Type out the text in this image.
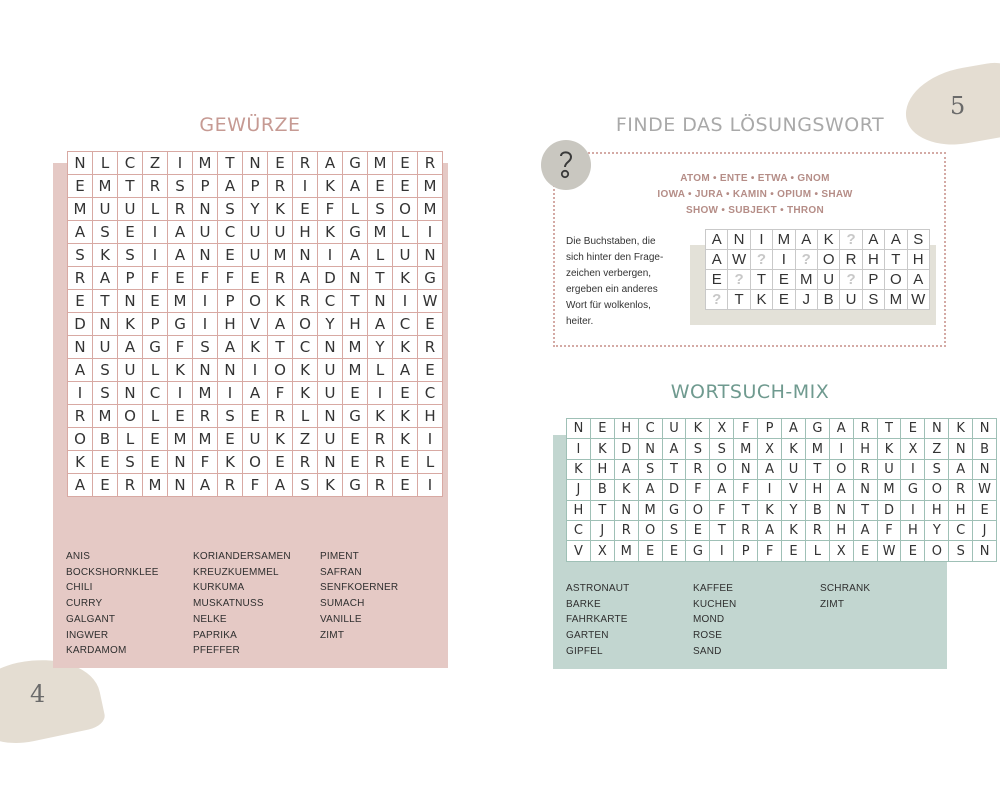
4
5
GEWÜRZE
N	L	C	Z	I	M	T	N	E	R	A	G	M	E	R
E	M	T	R	S	P	A	P	R	I	K	A	E	E	M
M	U	U	L	R	N	S	Y	K	E	F	L	S	O	M
A	S	E	I	A	U	C	U	U	H	K	G	M	L	I
S	K	S	I	A	N	E	U	M	N	I	A	L	U	N
R	A	P	F	E	F	F	E	R	A	D	N	T	K	G
E	T	N	E	M	I	P	O	K	R	C	T	N	I	W
D	N	K	P	G	I	H	V	A	O	Y	H	A	C	E
N	U	A	G	F	S	A	K	T	C	N	M	Y	K	R
A	S	U	L	K	N	N	I	O	K	U	M	L	A	E
I	S	N	C	I	M	I	A	F	K	U	E	I	E	C
R	M	O	L	E	R	S	E	R	L	N	G	K	K	H
O	B	L	E	M	M	E	U	K	Z	U	E	R	K	I
K	E	S	E	N	F	K	O	E	R	N	E	R	E	L
A	E	R	M	N	A	R	F	A	S	K	G	R	E	I
ANIS
BOCKSHORNKLEE
CHILI
CURRY
GALGANT
INGWER
KARDAMOM
KORIANDERSAMEN
KREUZKUEMMEL
KURKUMA
MUSKATNUSS
NELKE
PAPRIKA
PFEFFER
PIMENT
SAFRAN
SENFKOERNER
SUMACH
VANILLE
ZIMT
FINDE DAS LÖSUNGSWORT
ATOM • ENTE • ETWA • GNOM
IOWA • JURA • KAMIN • OPIUM • SHAW
SHOW • SUBJEKT • THRON
Die Buchstaben, die
sich hinter den Frage-
zeichen verbergen,
ergeben ein anderes
Wort für wolkenlos,
heiter.
A	N	I	M	A	K	?	A	A	S
A	W	?	I	?	O	R	H	T	H
E	?	T	E	M	U	?	P	O	A
?	T	K	E	J	B	U	S	M	W
WORTSUCH-MIX
N	E	H	C	U	K	X	F	P	A	G	A	R	T	E	N	K	N
I	K	D	N	A	S	S	M	X	K	M	I	H	K	X	Z	N	B
K	H	A	S	T	R	O	N	A	U	T	O	R	U	I	S	A	N
J	B	K	A	D	F	A	F	I	V	H	A	N	M	G	O	R	W
H	T	N	M	G	O	F	T	K	Y	B	N	T	D	I	H	H	E
C	J	R	O	S	E	T	R	A	K	R	H	A	F	H	Y	C	J
V	X	M	E	E	G	I	P	F	E	L	X	E	W	E	O	S	N
ASTRONAUT
BARKE
FAHRKARTE
GARTEN
GIPFEL
KAFFEE
KUCHEN
MOND
ROSE
SAND
SCHRANK
ZIMT
